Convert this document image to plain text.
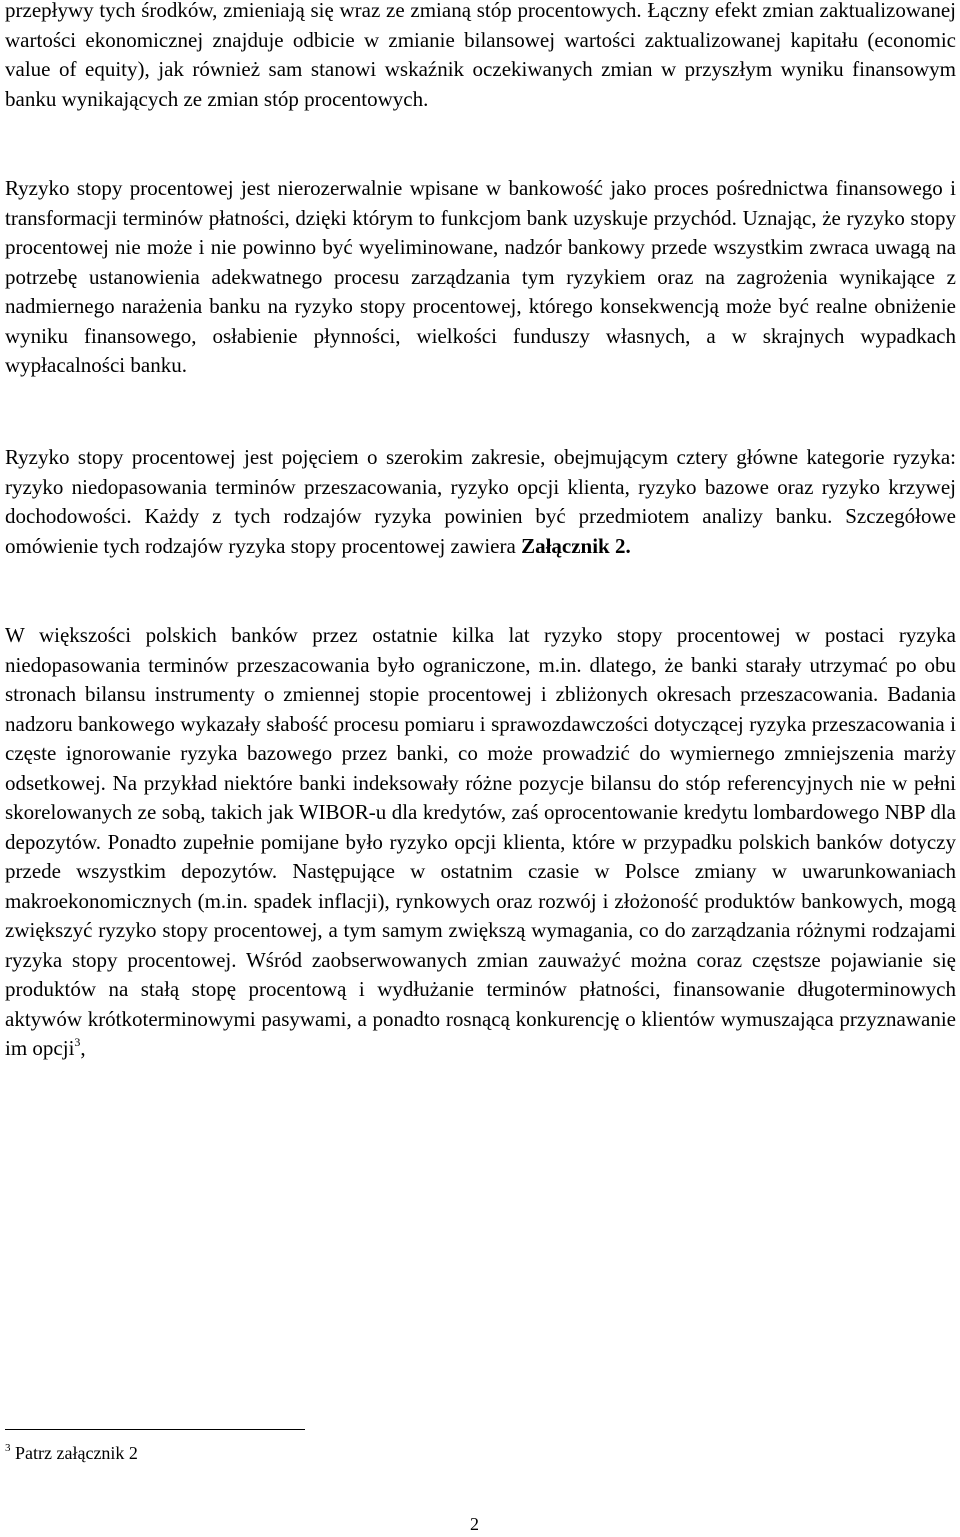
przepływy tych środków, zmieniają się wraz ze zmianą stóp procentowych. Łączny efekt zmian zaktualizowanej wartości ekonomicznej znajduje odbicie w zmianie bilansowej wartości zaktualizowanej kapitału (economic value of equity), jak również sam stanowi wskaźnik oczekiwanych zmian w przyszłym wyniku finansowym banku wynikających ze zmian stóp procentowych.

Ryzyko stopy procentowej jest nierozerwalnie wpisane w bankowość jako proces pośrednictwa finansowego i transformacji terminów płatności, dzięki którym to funkcjom bank uzyskuje przychód. Uznając, że ryzyko stopy procentowej nie może i nie powinno być wyeliminowane, nadzór bankowy przede wszystkim zwraca uwagą na potrzebę ustanowienia adekwatnego procesu zarządzania tym ryzykiem oraz na zagrożenia wynikające z nadmiernego narażenia banku na ryzyko stopy procentowej, którego konsekwencją może być realne obniżenie wyniku finansowego, osłabienie płynności, wielkości funduszy własnych, a w skrajnych wypadkach wypłacalności banku.

Ryzyko stopy procentowej jest pojęciem o szerokim zakresie, obejmującym cztery główne kategorie ryzyka: ryzyko niedopasowania terminów przeszacowania, ryzyko opcji klienta, ryzyko bazowe oraz ryzyko krzywej dochodowości. Każdy z tych rodzajów ryzyka powinien być przedmiotem analizy banku. Szczegółowe omówienie tych rodzajów ryzyka stopy procentowej zawiera Załącznik 2.

W większości polskich banków przez ostatnie kilka lat ryzyko stopy procentowej w postaci ryzyka niedopasowania terminów przeszacowania było ograniczone, m.in. dlatego, że banki starały utrzymać po obu stronach bilansu instrumenty o zmiennej stopie procentowej i zbliżonych okresach przeszacowania. Badania nadzoru bankowego wykazały słabość procesu pomiaru i sprawozdawczości dotyczącej ryzyka przeszacowania i częste ignorowanie ryzyka bazowego przez banki, co może prowadzić do wymiernego zmniejszenia marży odsetkowej. Na przykład niektóre banki indeksowały różne pozycje bilansu do stóp referencyjnych nie w pełni skorelowanych ze sobą, takich jak WIBOR-u dla kredytów, zaś oprocentowanie kredytu lombardowego NBP dla depozytów. Ponadto zupełnie pomijane było ryzyko opcji klienta, które w przypadku polskich banków dotyczy przede wszystkim depozytów. Następujące w ostatnim czasie w Polsce zmiany w uwarunkowaniach makroekonomicznych (m.in. spadek inflacji), rynkowych oraz rozwój i złożoność produktów bankowych, mogą zwiększyć ryzyko stopy procentowej, a tym samym zwiększą wymagania, co do zarządzania różnymi rodzajami ryzyka stopy procentowej. Wśród zaobserwowanych zmian zauważyć można coraz częstsze pojawianie się produktów na stałą stopę procentową i wydłużanie terminów płatności, finansowanie długoterminowych aktywów krótkoterminowymi pasywami, a ponadto rosnącą konkurencję o klientów wymuszająca przyznawanie im opcji$^3$,

$^3$ Patrz załącznik 2

2
